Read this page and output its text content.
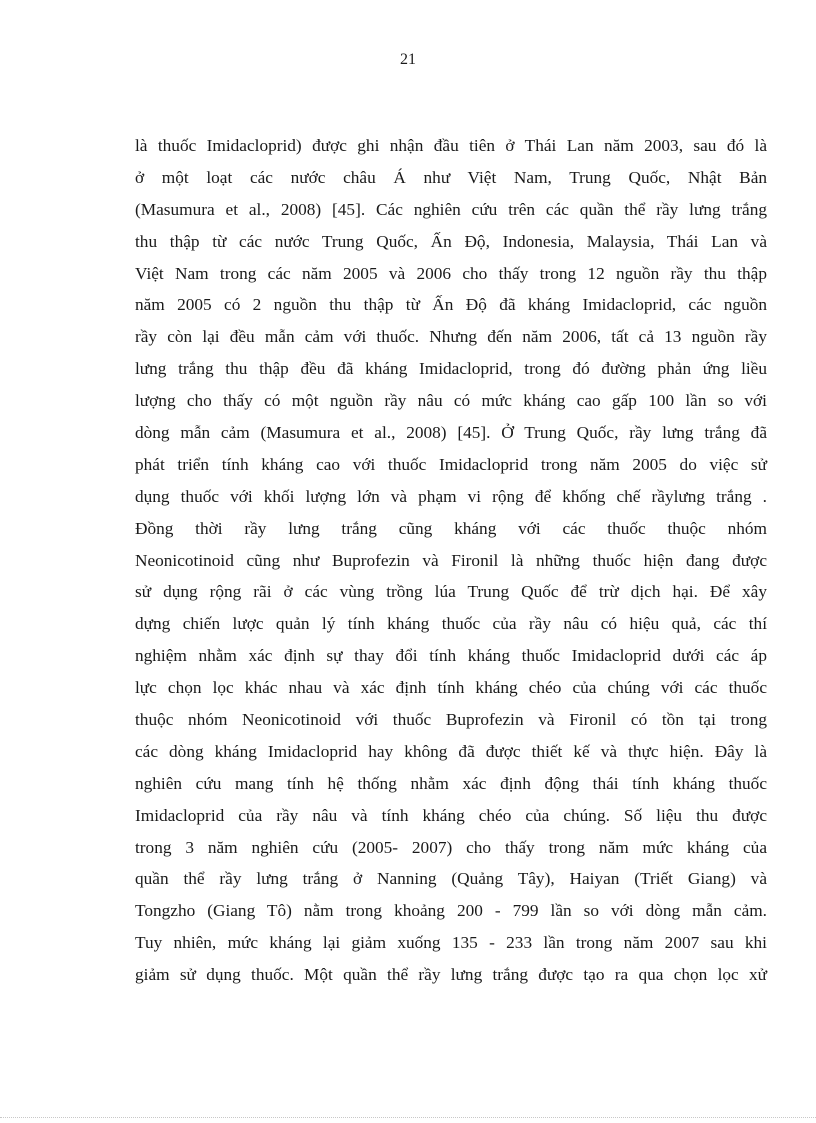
21
là thuốc Imidacloprid) được ghi nhận đầu tiên ở Thái Lan năm 2003, sau đó là
ở một loạt các nước châu Á như Việt Nam, Trung Quốc, Nhật Bản
(Masumura et al., 2008) [45]. Các nghiên cứu trên các quần thể rầy lưng trắng
thu thập từ các nước Trung Quốc, Ấn Độ, Indonesia, Malaysia, Thái Lan và
Việt Nam trong các năm 2005 và 2006 cho thấy trong 12 nguồn rầy thu thập
năm 2005 có 2 nguồn thu thập từ Ấn Độ đã kháng Imidacloprid, các nguồn
rầy còn lại đều mẫn cảm với thuốc. Nhưng đến năm 2006, tất cả 13 nguồn rầy
lưng trắng thu thập đều đã kháng Imidacloprid, trong đó đường phản ứng liều
lượng cho thấy có một nguồn rầy nâu có mức kháng cao gấp 100 lần so với
dòng mẫn cảm (Masumura et al., 2008) [45]. Ở Trung Quốc, rầy lưng trắng đã
phát triển tính kháng cao với thuốc Imidacloprid trong năm 2005 do việc sử
dụng thuốc với khối lượng lớn và phạm vi rộng để khống chế rầylưng trắng .
Đồng thời rầy lưng trắng cũng kháng với các thuốc thuộc nhóm
Neonicotinoid cũng như Buprofezin và Fironil là những thuốc hiện đang được
sử dụng rộng rãi ở các vùng trồng lúa Trung Quốc để trừ dịch hại. Để xây
dựng chiến lược quản lý tính kháng thuốc của rầy nâu có hiệu quả, các thí
nghiệm nhằm xác định sự thay đổi tính kháng thuốc Imidacloprid dưới các áp
lực chọn lọc khác nhau và xác định tính kháng chéo của chúng với các thuốc
thuộc nhóm Neonicotinoid với thuốc Buprofezin và Fironil có tồn tại trong
các dòng kháng Imidacloprid hay không đã được thiết kế và thực hiện. Đây là
nghiên cứu mang tính hệ thống nhằm xác định động thái tính kháng thuốc
Imidacloprid của rầy nâu và tính kháng chéo của chúng. Số liệu thu được
trong 3 năm nghiên cứu (2005- 2007) cho thấy trong năm mức kháng của
quần thể rầy lưng trắng ở Nanning (Quảng Tây), Haiyan (Triết Giang) và
Tongzho (Giang Tô) nằm trong khoảng 200 - 799 lần so với dòng mẫn cảm.
Tuy nhiên, mức kháng lại giảm xuống 135 - 233 lần trong năm 2007 sau khi
giảm sử dụng thuốc. Một quần thể rầy lưng trắng được tạo ra qua chọn lọc xử
